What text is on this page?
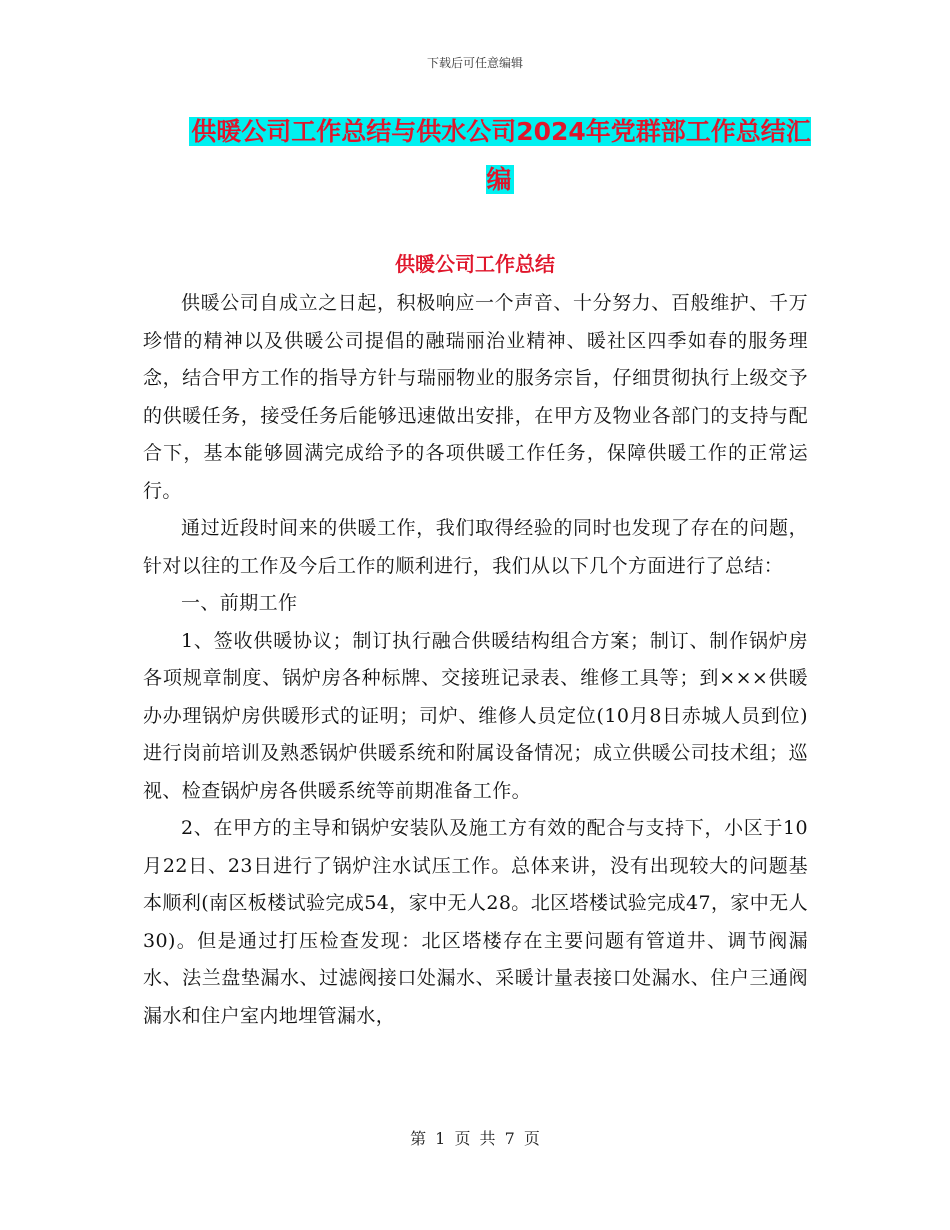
下载后可任意编辑
供暖公司工作总结与供水公司2024年党群部工作总结汇编
供暖公司工作总结

供暖公司自成立之日起，积极响应一个声音、十分努力、百般维护、千万珍惜的精神以及供暖公司提倡的融瑞丽治业精神、暖社区四季如春的服务理念，结合甲方工作的指导方针与瑞丽物业的服务宗旨，仔细贯彻执行上级交予的供暖任务，接受任务后能够迅速做出安排，在甲方及物业各部门的支持与配合下，基本能够圆满完成给予的各项供暖工作任务，保障供暖工作的正常运行。

通过近段时间来的供暖工作，我们取得经验的同时也发现了存在的问题，针对以往的工作及今后工作的顺利进行，我们从以下几个方面进行了总结：

一、前期工作

1、签收供暖协议；制订执行融合供暖结构组合方案；制订、制作锅炉房各项规章制度、锅炉房各种标牌、交接班记录表、维修工具等；到×××供暖办办理锅炉房供暖形式的证明；司炉、维修人员定位(10月8日赤城人员到位)进行岗前培训及熟悉锅炉供暖系统和附属设备情况；成立供暖公司技术组；巡视、检查锅炉房各供暖系统等前期准备工作。

2、在甲方的主导和锅炉安装队及施工方有效的配合与支持下，小区于10月22日、23日进行了锅炉注水试压工作。总体来讲，没有出现较大的问题基本顺利(南区板楼试验完成54，家中无人28。北区塔楼试验完成47，家中无人30)。但是通过打压检查发现：北区塔楼存在主要问题有管道井、调节阀漏水、法兰盘垫漏水、过滤阀接口处漏水、采暖计量表接口处漏水、住户三通阀漏水和住户室内地埋管漏水，

第 1 页 共 7 页
